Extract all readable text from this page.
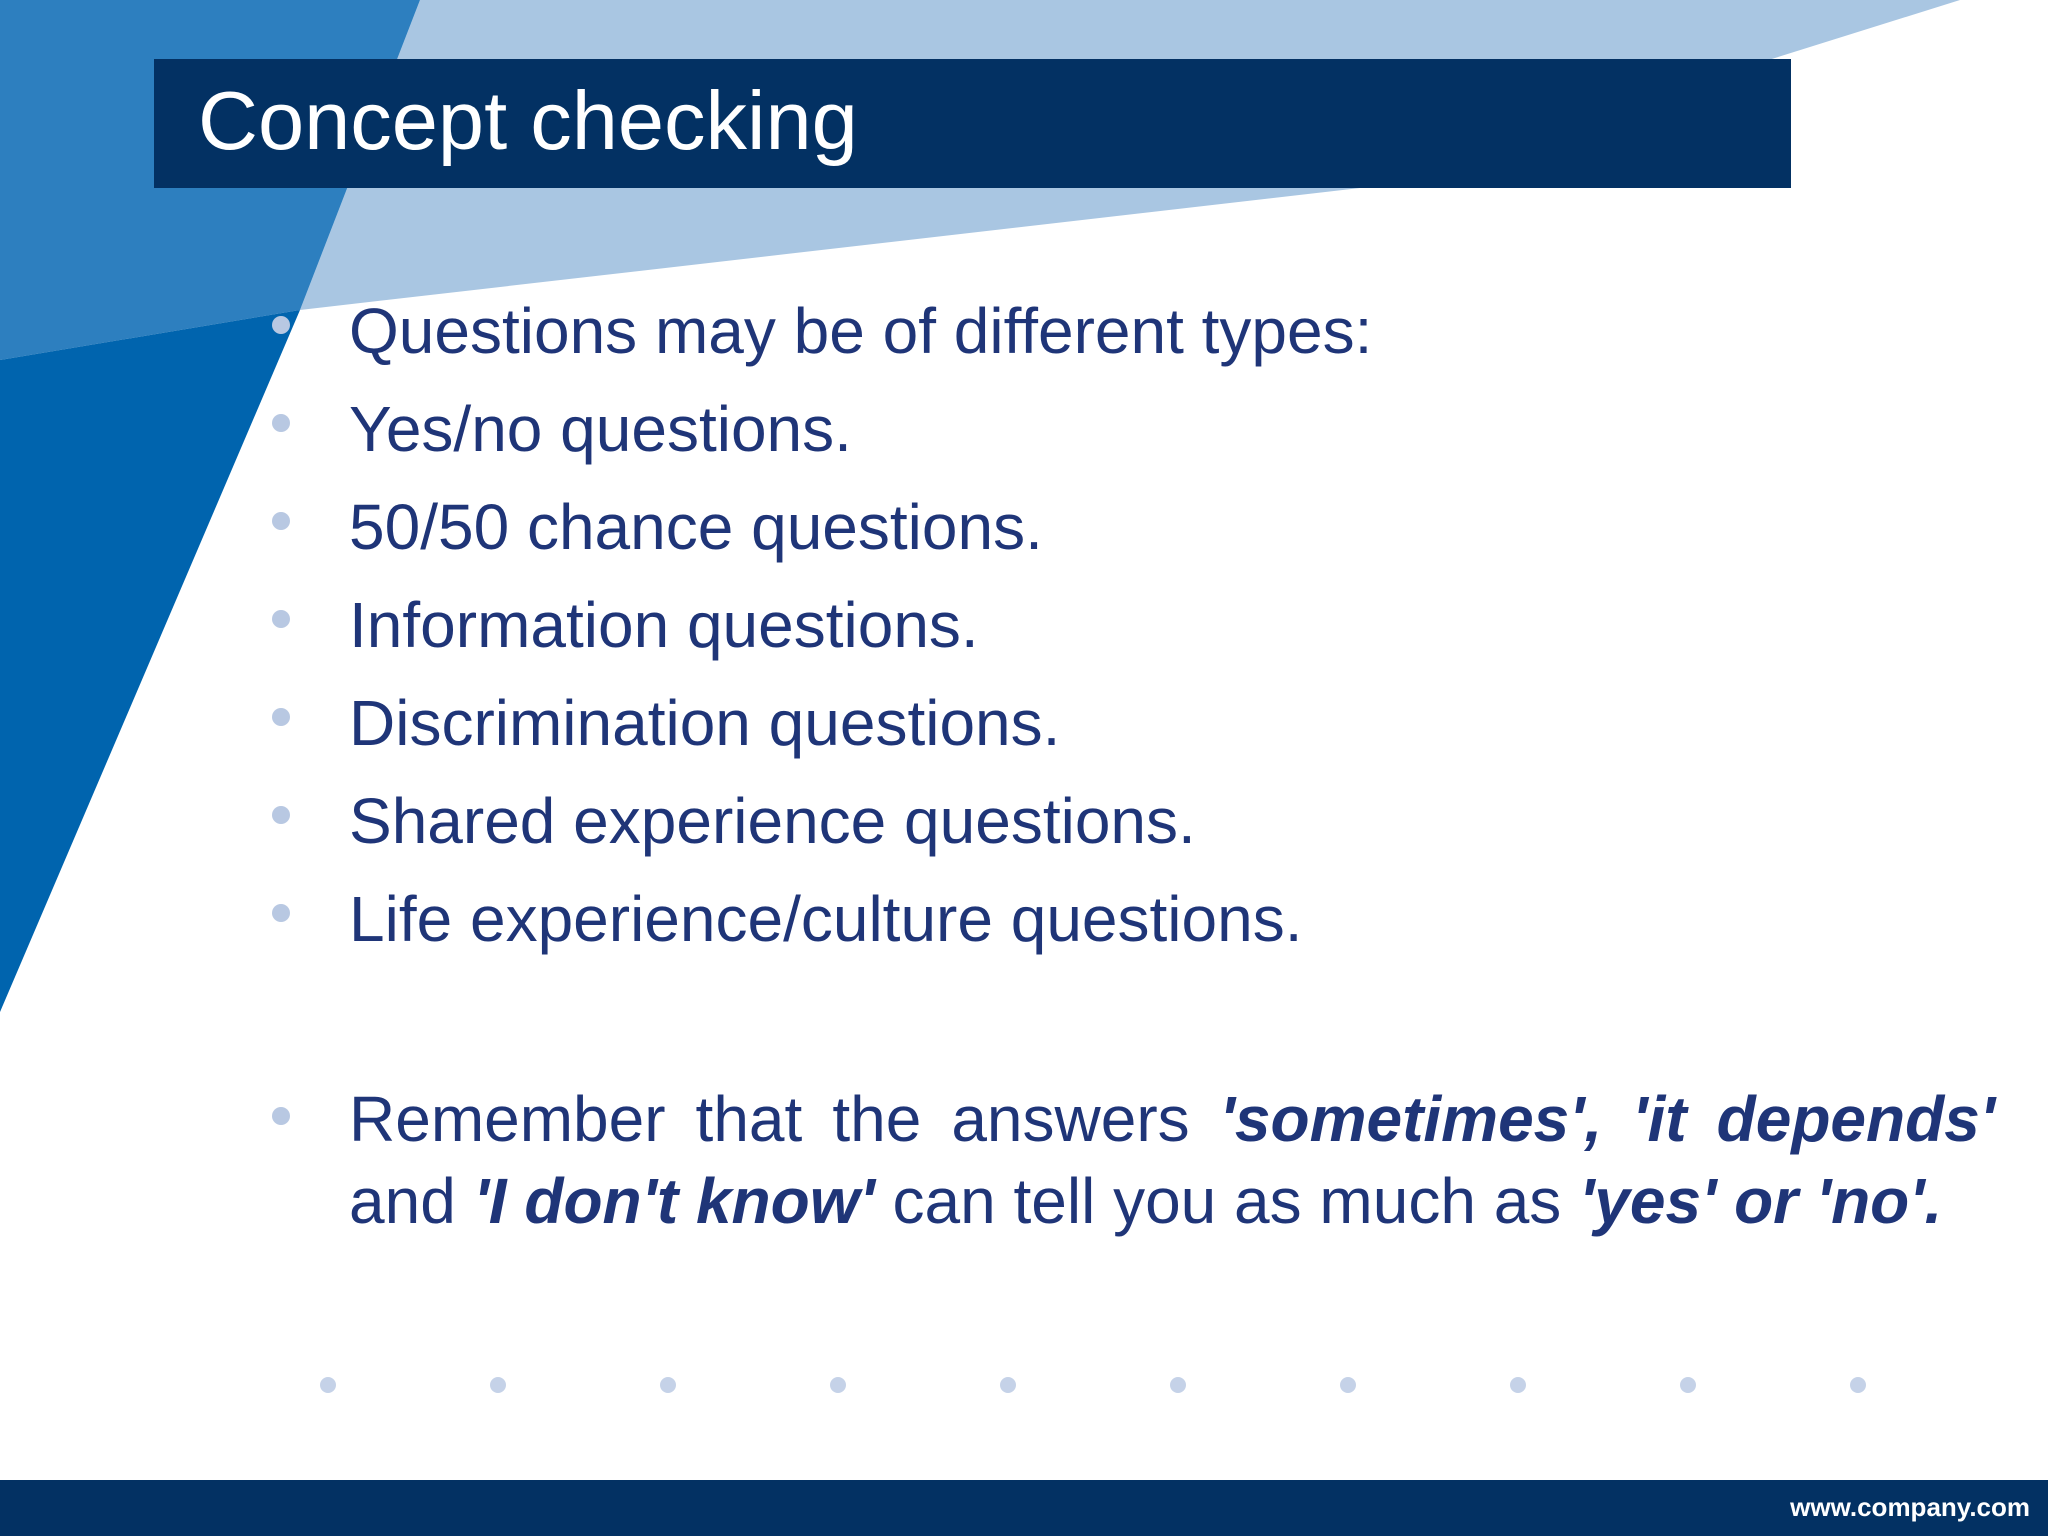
Concept checking
Questions may be of different types:
Yes/no questions.
50/50 chance questions.
Information questions.
Discrimination questions.
Shared experience questions.
Life experience/culture questions.

Remember that the answers 'sometimes', 'it depends' and 'I don't know' can tell you as much as 'yes' or 'no'.

www.company.com
